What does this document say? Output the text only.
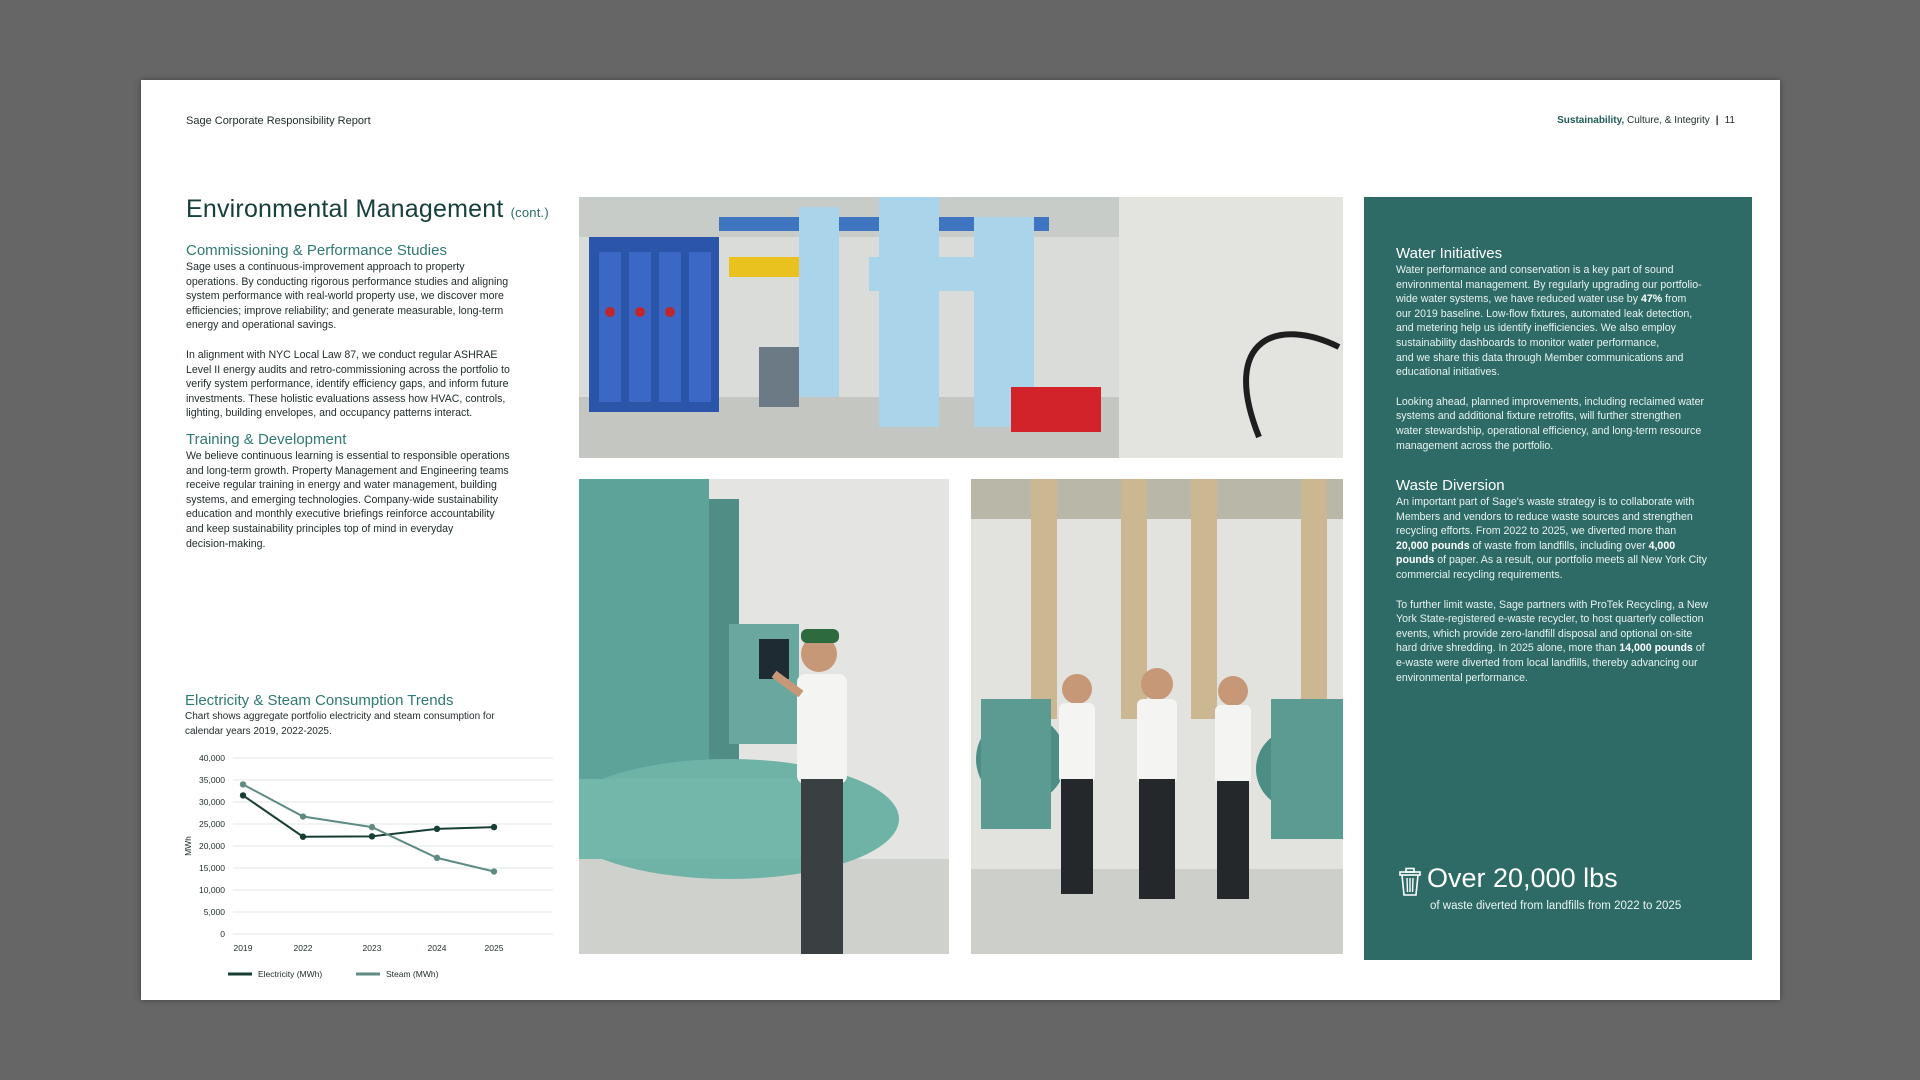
Sage Corporate Responsibility Report	Sustainability, Culture, & Integrity | 11
Environmental Management (cont.)
Commissioning & Performance Studies

Sage uses a continuous-improvement approach to property
operations. By conducting rigorous performance studies and aligning
system performance with real-world property use, we discover more
efficiencies; improve reliability; and generate measurable, long-term
energy and operational savings.

In alignment with NYC Local Law 87, we conduct regular ASHRAE
Level II energy audits and retro-commissioning across the portfolio to
verify system performance, identify efficiency gaps, and inform future
investments. These holistic evaluations assess how HVAC, controls,
lighting, building envelopes, and occupancy patterns interact.

Training & Development

We believe continuous learning is essential to responsible operations
and long-term growth. Property Management and Engineering teams
receive regular training in energy and water management, building
systems, and emerging technologies. Company-wide sustainability
education and monthly executive briefings reinforce accountability
and keep sustainability principles top of mind in everyday
decision-making.

Electricity & Steam Consumption Trends

Chart shows aggregate portfolio electricity and steam consumption for
calendar years 2019, 2022-2025.

0
5,000
10,000
15,000
20,000
25,000
30,000
35,000
40,000
2019	2022	2023	2024	2025
MWh
Electricity (MWh)	Steam (MWh)
Water Initiatives

Water performance and conservation is a key part of sound
environmental management. By regularly upgrading our portfolio-
wide water systems, we have reduced water use by 47% from
our 2019 baseline. Low-flow fixtures, automated leak detection,
and metering help us identify inefficiencies. We also employ
sustainability dashboards to monitor water performance,
and we share this data through Member communications and
educational initiatives.

Looking ahead, planned improvements, including reclaimed water
systems and additional fixture retrofits, will further strengthen
water stewardship, operational efficiency, and long-term resource
management across the portfolio.

Waste Diversion

An important part of Sage's waste strategy is to collaborate with
Members and vendors to reduce waste sources and strengthen
recycling efforts. From 2022 to 2025, we diverted more than
20,000 pounds of waste from landfills, including over 4,000
pounds of paper. As a result, our portfolio meets all New York City
commercial recycling requirements.

To further limit waste, Sage partners with ProTek Recycling, a New
York State-registered e-waste recycler, to host quarterly collection
events, which provide zero-landfill disposal and optional on-site
hard drive shredding. In 2025 alone, more than 14,000 pounds of
e-waste were diverted from local landfills, thereby advancing our
environmental performance.

Over 20,000 lbs
of waste diverted from landfills from 2022 to 2025
